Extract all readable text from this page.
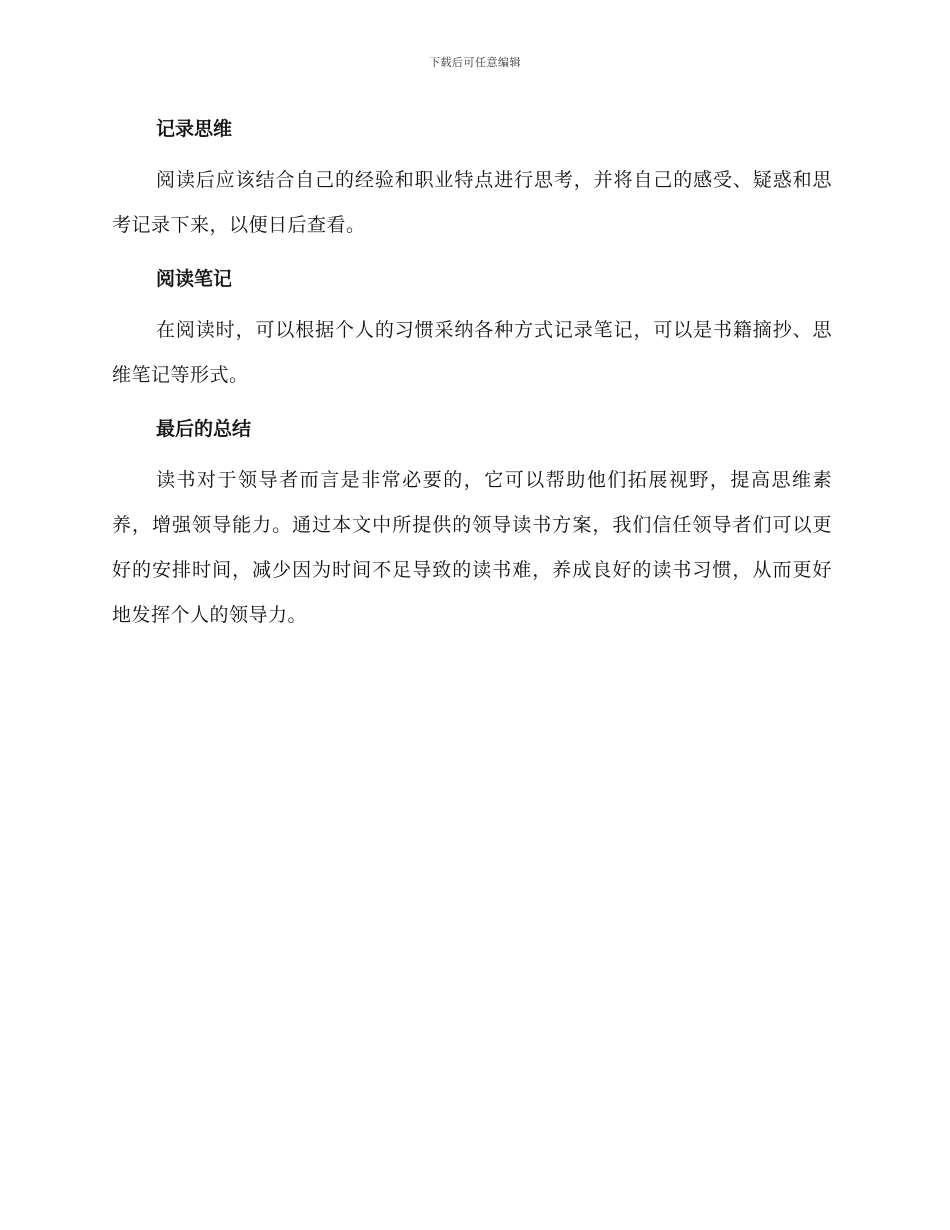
下载后可任意编辑
记录思维

阅读后应该结合自己的经验和职业特点进行思考，并将自己的感受、疑惑和思考记录下来，以便日后查看。

阅读笔记

在阅读时，可以根据个人的习惯采纳各种方式记录笔记，可以是书籍摘抄、思维笔记等形式。

最后的总结

读书对于领导者而言是非常必要的，它可以帮助他们拓展视野，提高思维素养，增强领导能力。通过本文中所提供的领导读书方案，我们信任领导者们可以更好的安排时间，减少因为时间不足导致的读书难，养成良好的读书习惯，从而更好地发挥个人的领导力。
